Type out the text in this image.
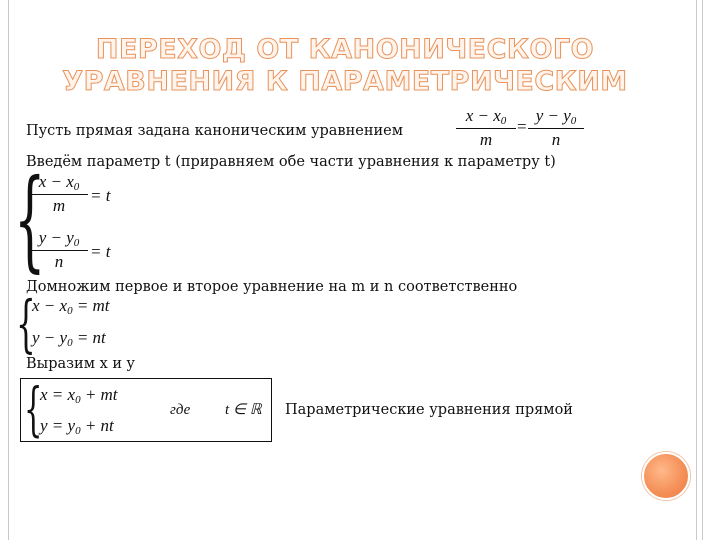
ПЕРЕХОД ОТ КАНОНИЧЕСКОГО
УРАВНЕНИЯ К ПАРАМЕТРИЧЕСКИМ
Пусть прямая задана каноническим уравнением
$x - x_0$
m
=
$y - y_0$
n
Введём параметр t (приравняем обе части уравнения к параметру t)
{
$x - x_0$
m
= t
$y - y_0$
n
= t
Домножим первое и второе уравнение на m и n соответственно
{
$x - x_0$ = mt
$y - y_0$ = nt
Выразим x и y
{
$x = x_0$ + mt
$y = y_0$ + nt
где t ∈ ℝ Параметрические уравнения прямой
